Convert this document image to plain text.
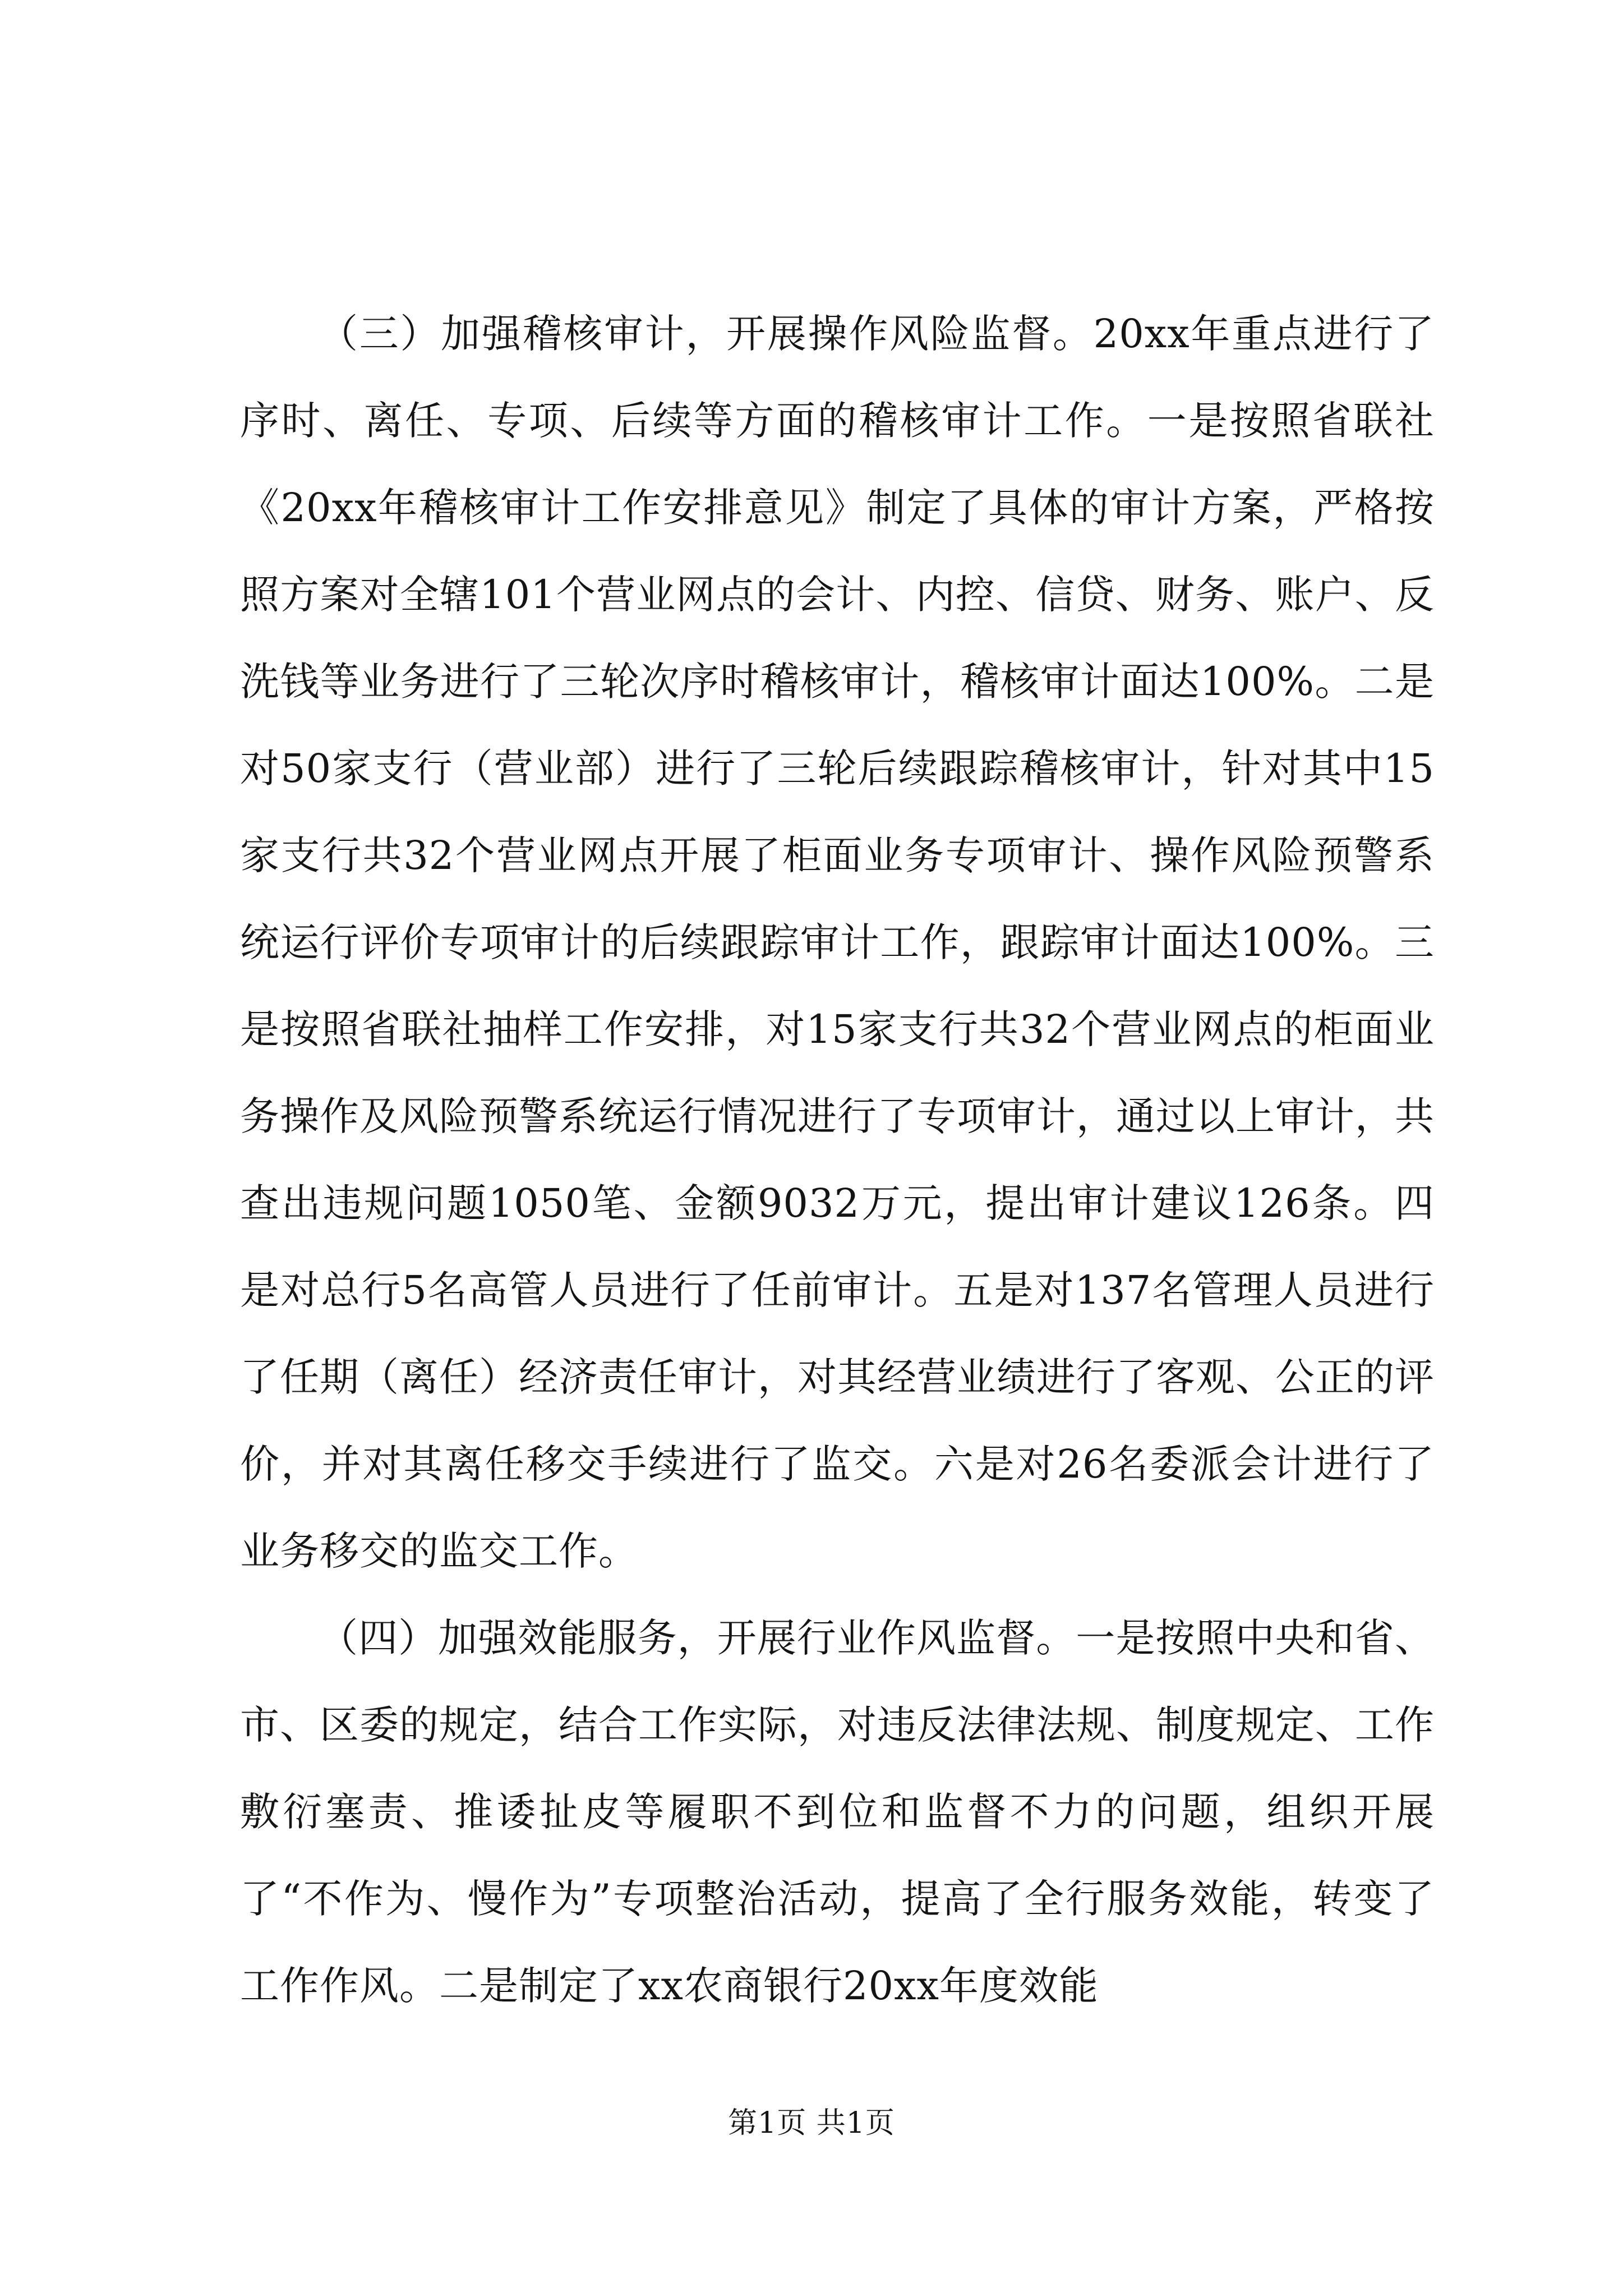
（三）加强稽核审计，开展操作风险监督。20xx年重点进行了序时、离任、专项、后续等方面的稽核审计工作。一是按照省联社《20xx年稽核审计工作安排意见》制定了具体的审计方案，严格按照方案对全辖101个营业网点的会计、内控、信贷、财务、账户、反洗钱等业务进行了三轮次序时稽核审计，稽核审计面达100%。二是对50家支行（营业部）进行了三轮后续跟踪稽核审计，针对其中15家支行共32个营业网点开展了柜面业务专项审计、操作风险预警系统运行评价专项审计的后续跟踪审计工作，跟踪审计面达100%。三是按照省联社抽样工作安排，对15家支行共32个营业网点的柜面业务操作及风险预警系统运行情况进行了专项审计，通过以上审计，共查出违规问题1050笔、金额9032万元，提出审计建议126条。四是对总行5名高管人员进行了任前审计。五是对137名管理人员进行了任期（离任）经济责任审计，对其经营业绩进行了客观、公正的评价，并对其离任移交手续进行了监交。六是对26名委派会计进行了业务移交的监交工作。

（四）加强效能服务，开展行业作风监督。一是按照中央和省、市、区委的规定，结合工作实际，对违反法律法规、制度规定、工作敷衍塞责、推诿扯皮等履职不到位和监督不力的问题，组织开展了“不作为、慢作为”专项整治活动，提高了全行服务效能，转变了工作作风。二是制定了xx农商银行20xx年度效能

第1页 共1页
